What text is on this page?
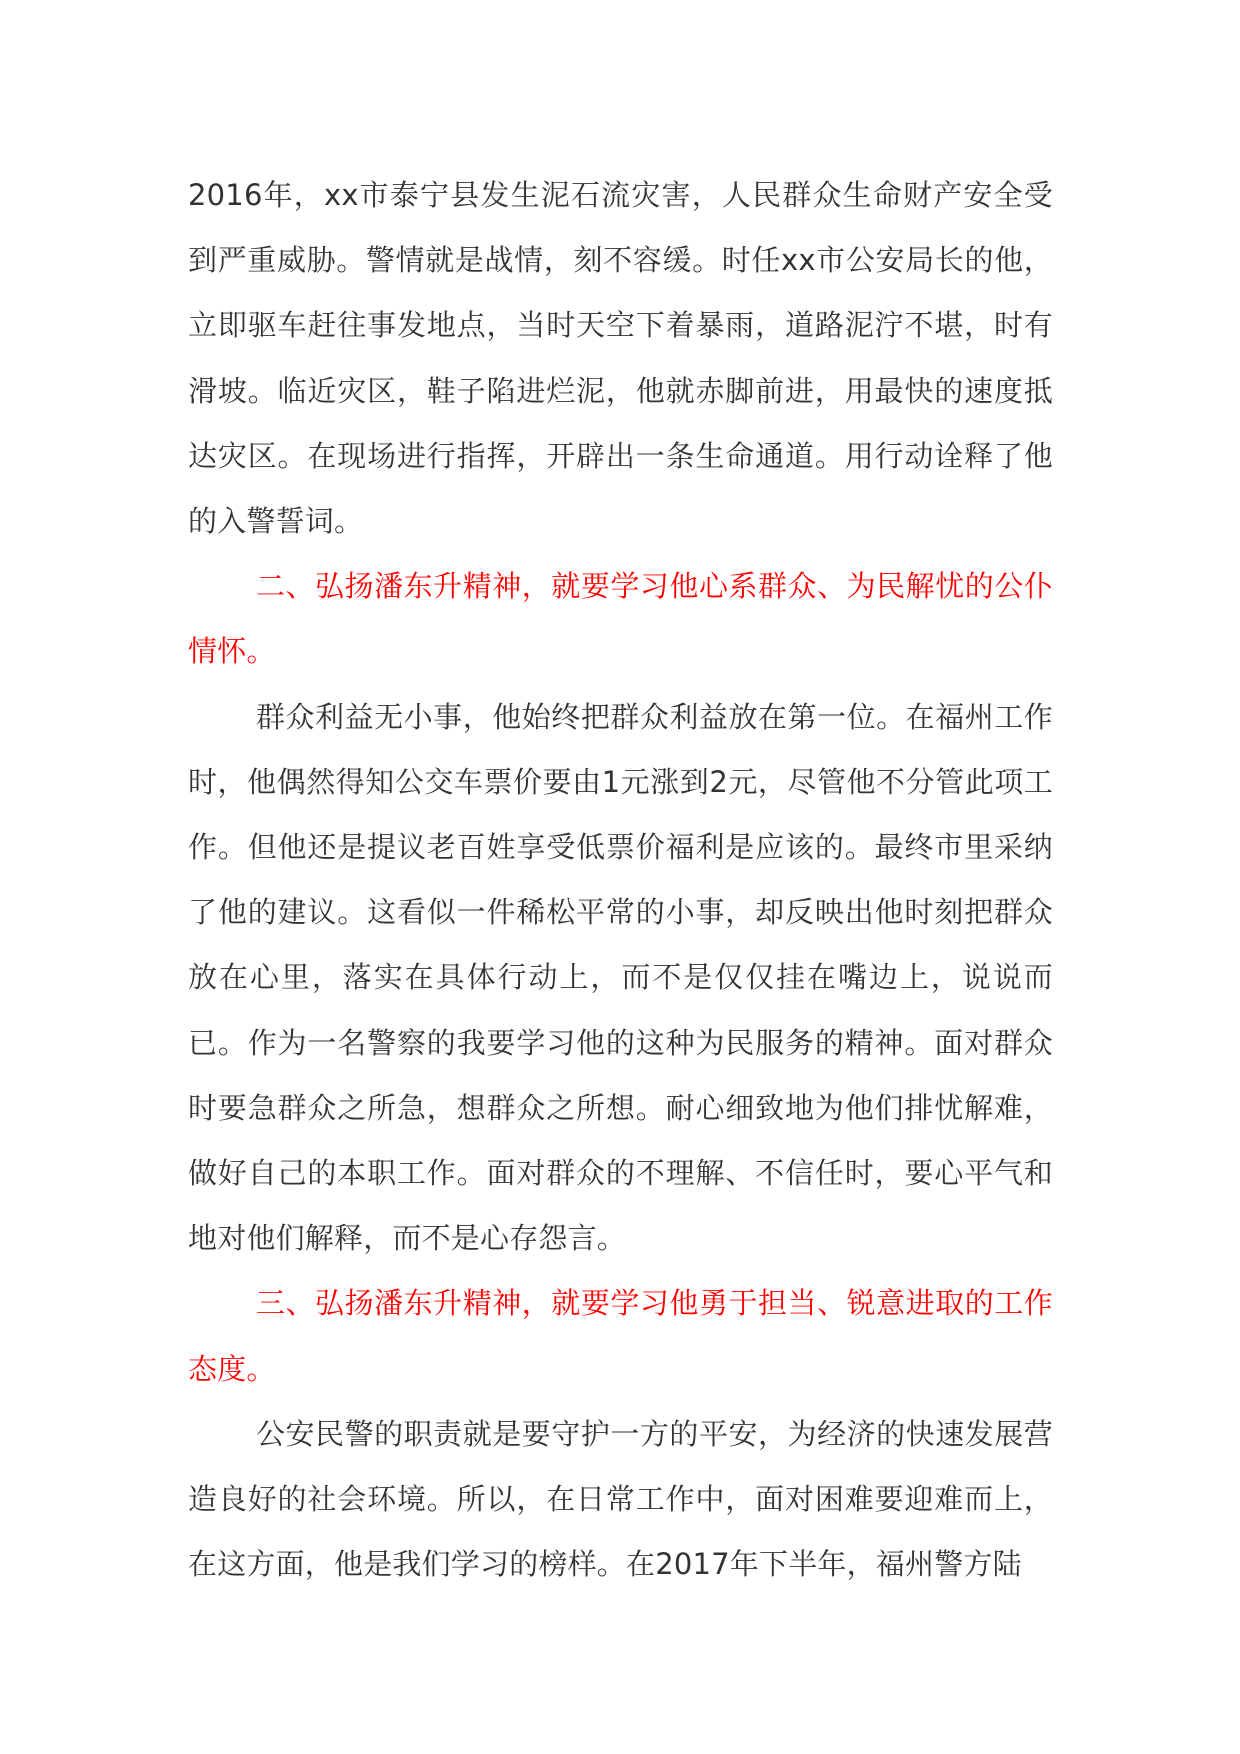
2016年，xx市泰宁县发生泥石流灾害，人民群众生命财产安全受到严重威胁。警情就是战情，刻不容缓。时任xx市公安局长的他，立即驱车赶往事发地点，当时天空下着暴雨，道路泥泞不堪，时有滑坡。临近灾区，鞋子陷进烂泥，他就赤脚前进，用最快的速度抵达灾区。在现场进行指挥，开辟出一条生命通道。用行动诠释了他的入警誓词。

二、弘扬潘东升精神，就要学习他心系群众、为民解忧的公仆情怀。

群众利益无小事，他始终把群众利益放在第一位。在福州工作时，他偶然得知公交车票价要由1元涨到2元，尽管他不分管此项工作。但他还是提议老百姓享受低票价福利是应该的。最终市里采纳了他的建议。这看似一件稀松平常的小事，却反映出他时刻把群众放在心里，落实在具体行动上，而不是仅仅挂在嘴边上，说说而已。作为一名警察的我要学习他的这种为民服务的精神。面对群众时要急群众之所急，想群众之所想。耐心细致地为他们排忧解难，做好自己的本职工作。面对群众的不理解、不信任时，要心平气和地对他们解释，而不是心存怨言。

三、弘扬潘东升精神，就要学习他勇于担当、锐意进取的工作态度。

公安民警的职责就是要守护一方的平安，为经济的快速发展营造良好的社会环境。所以，在日常工作中，面对困难要迎难而上，在这方面，他是我们学习的榜样。在2017年下半年，福州警方陆
